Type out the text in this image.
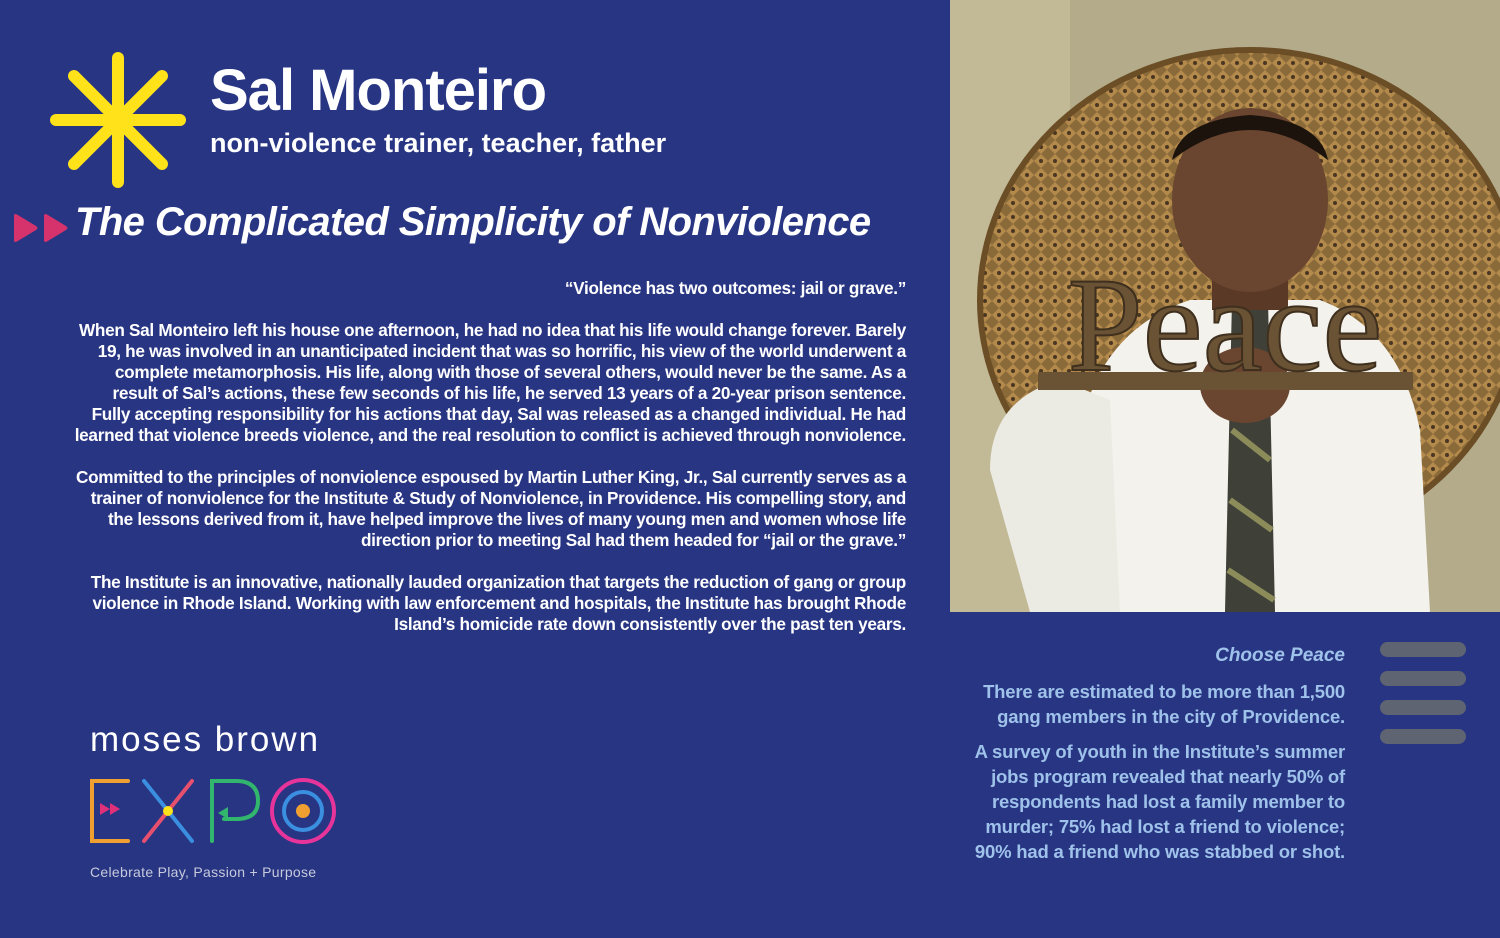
Sal Monteiro
non-violence trainer, teacher, father
The Complicated Simplicity of Nonviolence

“Violence has two outcomes: jail or grave.”

When Sal Monteiro left his house one afternoon, he had no idea that his life would change forever. Barely 19, he was involved in an unanticipated incident that was so horrific, his view of the world underwent a complete metamorphosis. His life, along with those of several others, would never be the same. As a result of Sal’s actions, these few seconds of his life, he served 13 years of a 20-year prison sentence. Fully accepting responsibility for his actions that day, Sal was released as a changed individual. He had learned that violence breeds violence, and the real resolution to conflict is achieved through nonviolence.

Committed to the principles of nonviolence espoused by Martin Luther King, Jr., Sal currently serves as a trainer of nonviolence for the Institute & Study of Nonviolence, in Providence. His compelling story, and the lessons derived from it, have helped improve the lives of many young men and women whose life direction prior to meeting Sal had them headed for “jail or the grave.”

The Institute is an innovative, nationally lauded organization that targets the reduction of gang or group violence in Rhode Island. Working with law enforcement and hospitals, the Institute has brought Rhode Island’s homicide rate down consistently over the past ten years.

Peace
Choose Peace

There are estimated to be more than 1,500 gang members in the city of Providence.

A survey of youth in the Institute’s summer jobs program revealed that nearly 50% of respondents had lost a family member to murder; 75% had lost a friend to violence; 90% had a friend who was stabbed or shot.

moses brown
Celebrate Play, Passion + Purpose
